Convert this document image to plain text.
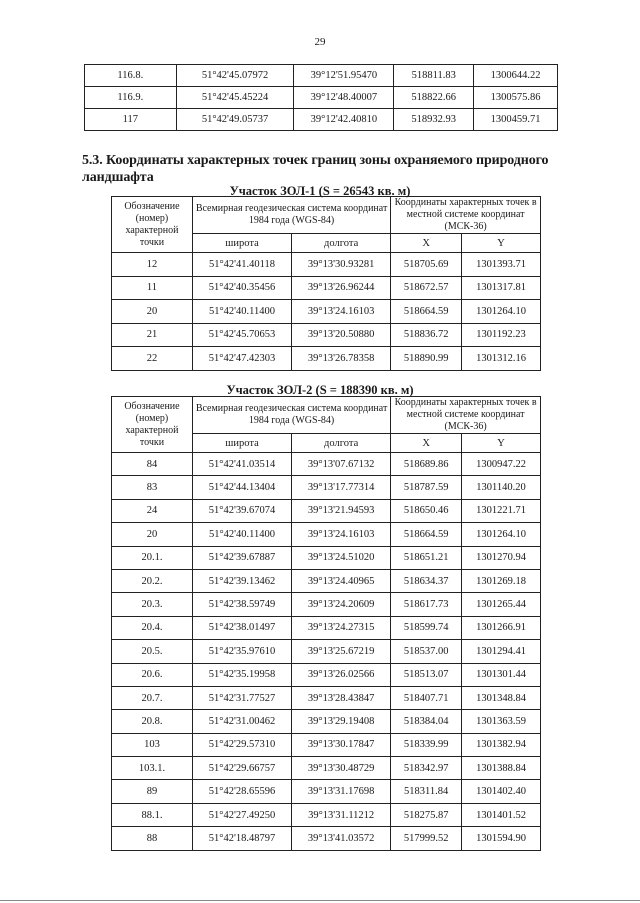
29
116.8.	51°42'45.07972	39°12'51.95470	518811.83	1300644.22
116.9.	51°42'45.45224	39°12'48.40007	518822.66	1300575.86
117	51°42'49.05737	39°12'42.40810	518932.93	1300459.71
5.3. Координаты характерных точек границ зоны охраняемого природного ландшафта
Участок ЗОЛ-1 (S = 26543 кв. м)
Обозначение (номер) характерной точки	Всемирная геодезическая система координат 1984 года (WGS-84)		Координаты характерных точек в местной системе координат (МСК-36)	
	широта	долгота	X	Y
12	51°42'41.40118	39°13'30.93281	518705.69	1301393.71
11	51°42'40.35456	39°13'26.96244	518672.57	1301317.81
20	51°42'40.11400	39°13'24.16103	518664.59	1301264.10
21	51°42'45.70653	39°13'20.50880	518836.72	1301192.23
22	51°42'47.42303	39°13'26.78358	518890.99	1301312.16
Участок ЗОЛ-2 (S = 188390 кв. м)
Обозначение (номер) характерной точки	Всемирная геодезическая система координат 1984 года (WGS-84)		Координаты характерных точек в местной системе координат (МСК-36)	
	широта	долгота	X	Y
84	51°42'41.03514	39°13'07.67132	518689.86	1300947.22
83	51°42'44.13404	39°13'17.77314	518787.59	1301140.20
24	51°42'39.67074	39°13'21.94593	518650.46	1301221.71
20	51°42'40.11400	39°13'24.16103	518664.59	1301264.10
20.1.	51°42'39.67887	39°13'24.51020	518651.21	1301270.94
20.2.	51°42'39.13462	39°13'24.40965	518634.37	1301269.18
20.3.	51°42'38.59749	39°13'24.20609	518617.73	1301265.44
20.4.	51°42'38.01497	39°13'24.27315	518599.74	1301266.91
20.5.	51°42'35.97610	39°13'25.67219	518537.00	1301294.41
20.6.	51°42'35.19958	39°13'26.02566	518513.07	1301301.44
20.7.	51°42'31.77527	39°13'28.43847	518407.71	1301348.84
20.8.	51°42'31.00462	39°13'29.19408	518384.04	1301363.59
103	51°42'29.57310	39°13'30.17847	518339.99	1301382.94
103.1.	51°42'29.66757	39°13'30.48729	518342.97	1301388.84
89	51°42'28.65596	39°13'31.17698	518311.84	1301402.40
88.1.	51°42'27.49250	39°13'31.11212	518275.87	1301401.52
88	51°42'18.48797	39°13'41.03572	517999.52	1301594.90
